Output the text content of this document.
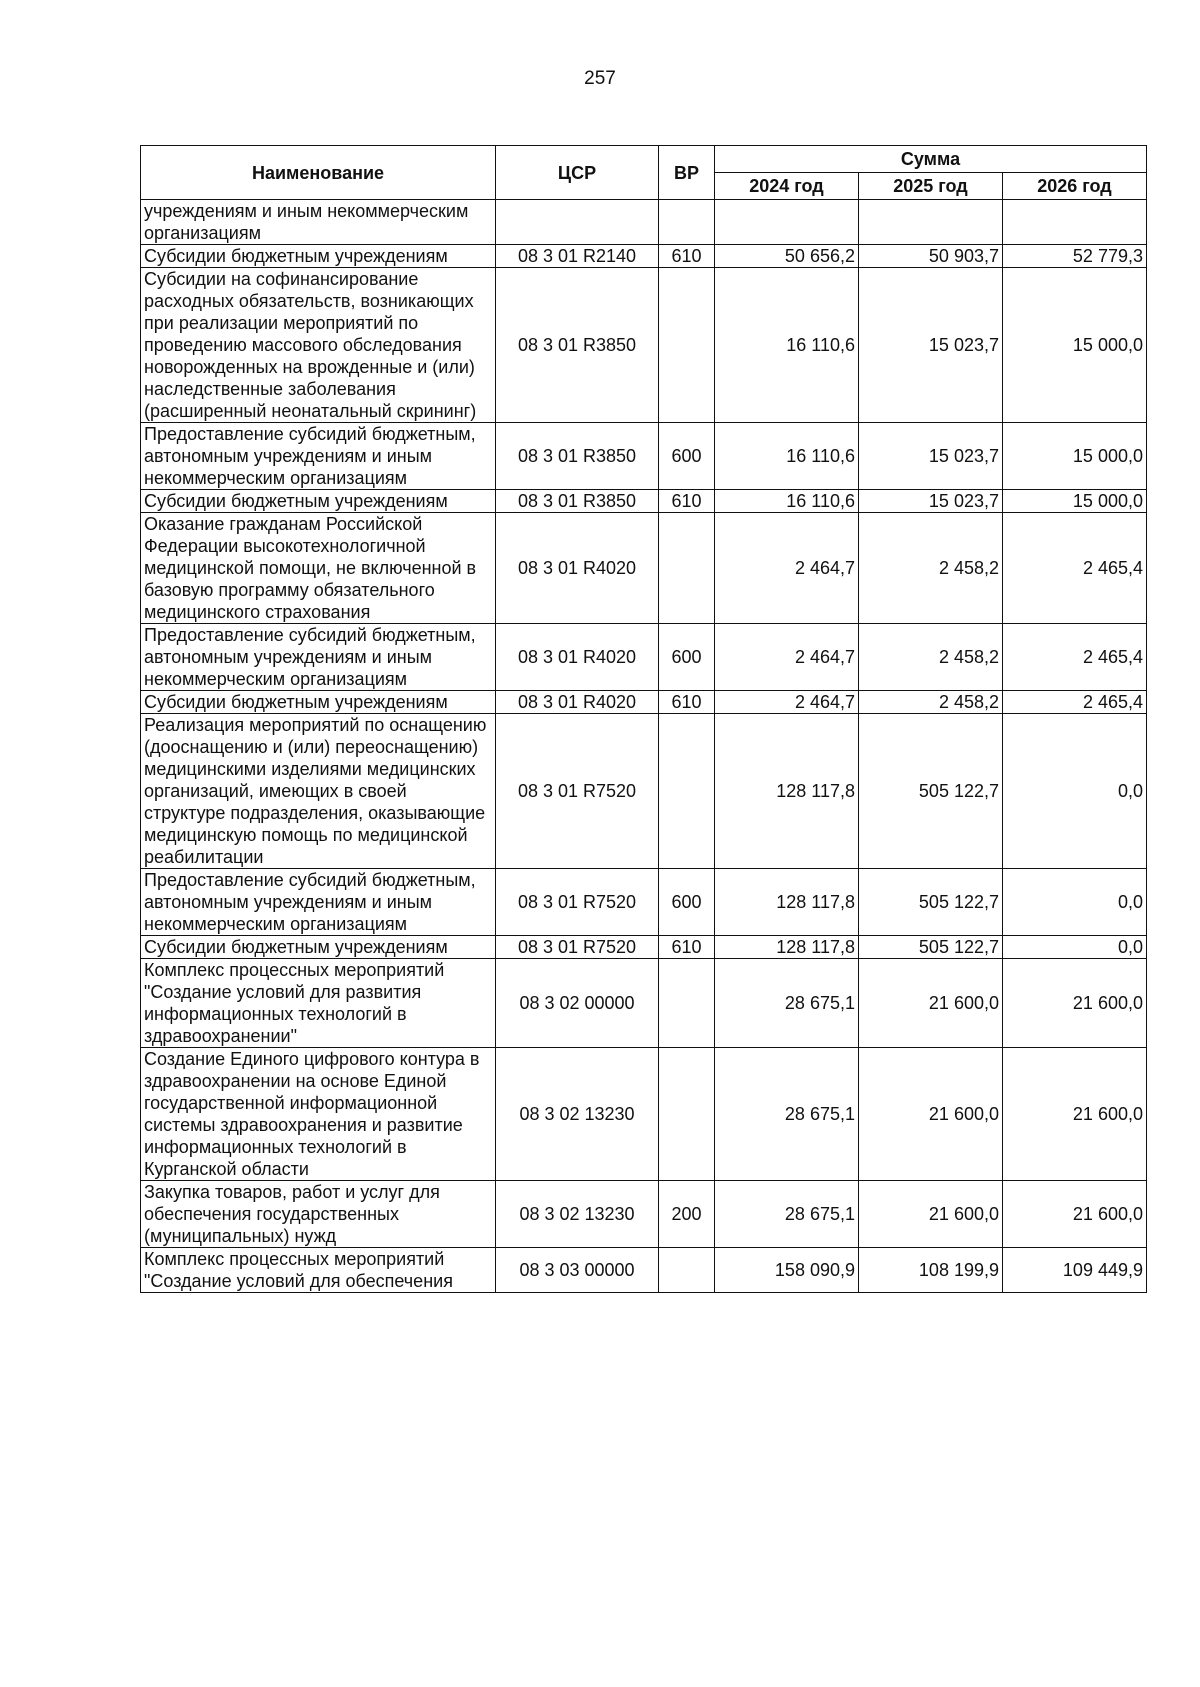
257
Наименование	ЦСР	ВР	Сумма		
			2024 год	2025 год	2026 год
учреждениям и иным некоммерческим организациям					
Субсидии бюджетным учреждениям	08 3 01 R2140	610	50 656,2	50 903,7	52 779,3
Субсидии на софинансирование расходных обязательств, возникающих при реализации мероприятий по проведению массового обследования новорожденных на врожденные и (или) наследственные заболевания (расширенный неонатальный скрининг)	08 3 01 R3850		16 110,6	15 023,7	15 000,0
Предоставление субсидий бюджетным, автономным учреждениям и иным некоммерческим организациям	08 3 01 R3850	600	16 110,6	15 023,7	15 000,0
Субсидии бюджетным учреждениям	08 3 01 R3850	610	16 110,6	15 023,7	15 000,0
Оказание гражданам Российской Федерации высокотехнологичной медицинской помощи, не включенной в базовую программу обязательного медицинского страхования	08 3 01 R4020		2 464,7	2 458,2	2 465,4
Предоставление субсидий бюджетным, автономным учреждениям и иным некоммерческим организациям	08 3 01 R4020	600	2 464,7	2 458,2	2 465,4
Субсидии бюджетным учреждениям	08 3 01 R4020	610	2 464,7	2 458,2	2 465,4
Реализация мероприятий по оснащению (дооснащению и (или) переоснащению) медицинскими изделиями медицинских организаций, имеющих в своей структуре подразделения, оказывающие медицинскую помощь по медицинской реабилитации	08 3 01 R7520		128 117,8	505 122,7	0,0
Предоставление субсидий бюджетным, автономным учреждениям и иным некоммерческим организациям	08 3 01 R7520	600	128 117,8	505 122,7	0,0
Субсидии бюджетным учреждениям	08 3 01 R7520	610	128 117,8	505 122,7	0,0
Комплекс процессных мероприятий "Создание условий для развития информационных технологий в здравоохранении"	08 3 02 00000		28 675,1	21 600,0	21 600,0
Создание Единого цифрового контура в здравоохранении на основе Единой государственной информационной системы здравоохранения и развитие информационных технологий в Курганской области	08 3 02 13230		28 675,1	21 600,0	21 600,0
Закупка товаров, работ и услуг для обеспечения государственных (муниципальных) нужд	08 3 02 13230	200	28 675,1	21 600,0	21 600,0
Комплекс процессных мероприятий "Создание условий для обеспечения	08 3 03 00000		158 090,9	108 199,9	109 449,9
